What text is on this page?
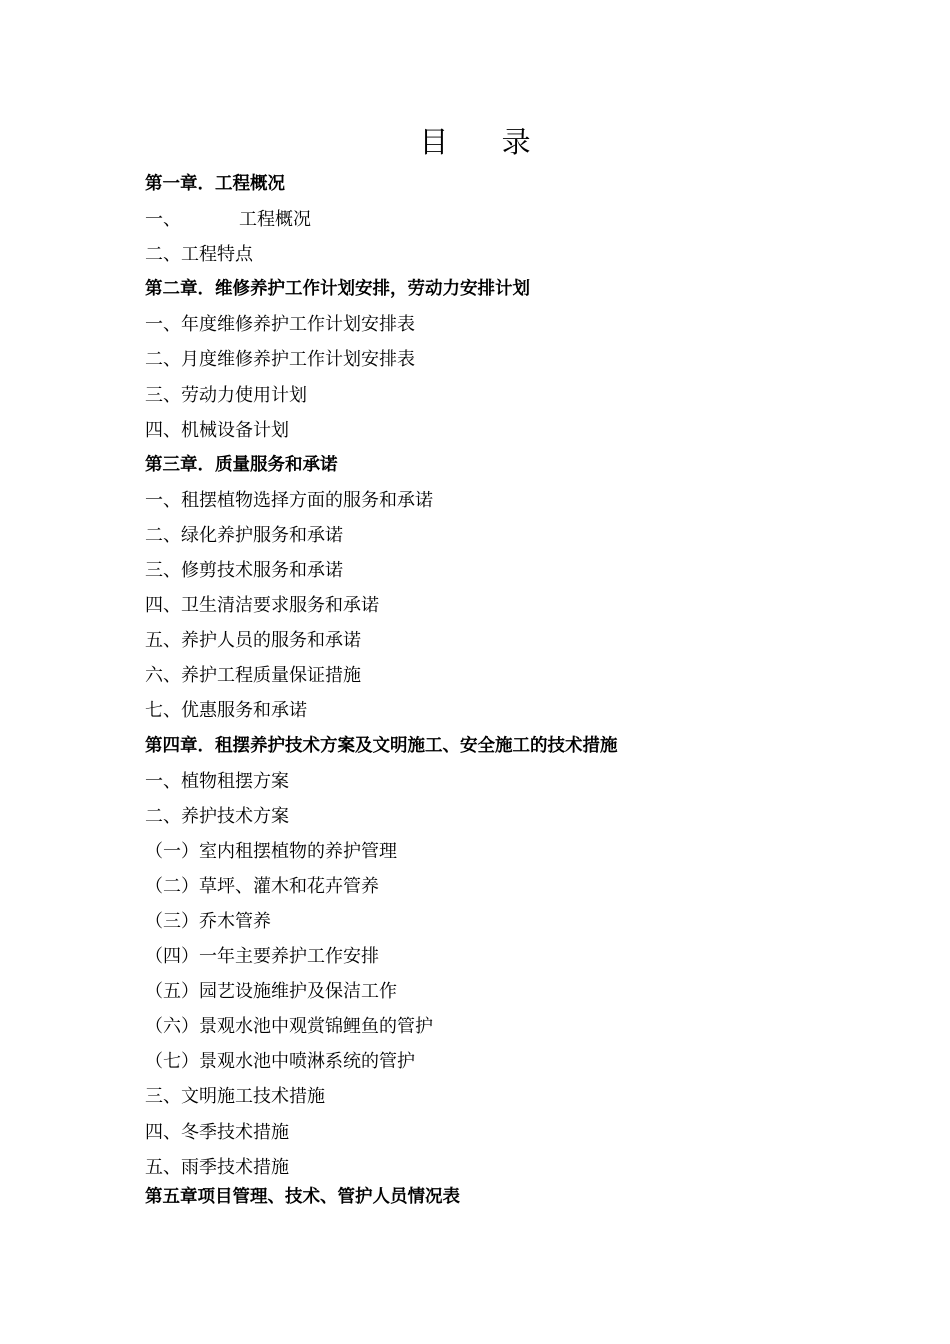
目 录
第一章．工程概况
一、	工程概况
二、工程特点
第二章．维修养护工作计划安排，劳动力安排计划
一、年度维修养护工作计划安排表
二、月度维修养护工作计划安排表
三、劳动力使用计划
四、机械设备计划
第三章．质量服务和承诺
一、租摆植物选择方面的服务和承诺
二、绿化养护服务和承诺
三、修剪技术服务和承诺
四、卫生清洁要求服务和承诺
五、养护人员的服务和承诺
六、养护工程质量保证措施
七、优惠服务和承诺
第四章．租摆养护技术方案及文明施工、安全施工的技术措施
一、植物租摆方案
二、养护技术方案
（一）室内租摆植物的养护管理
（二）草坪、灌木和花卉管养
（三）乔木管养
（四）一年主要养护工作安排
（五）园艺设施维护及保洁工作
（六）景观水池中观赏锦鲤鱼的管护
（七）景观水池中喷淋系统的管护
三、文明施工技术措施
四、冬季技术措施
五、雨季技术措施
第五章项目管理、技术、管护人员情况表
